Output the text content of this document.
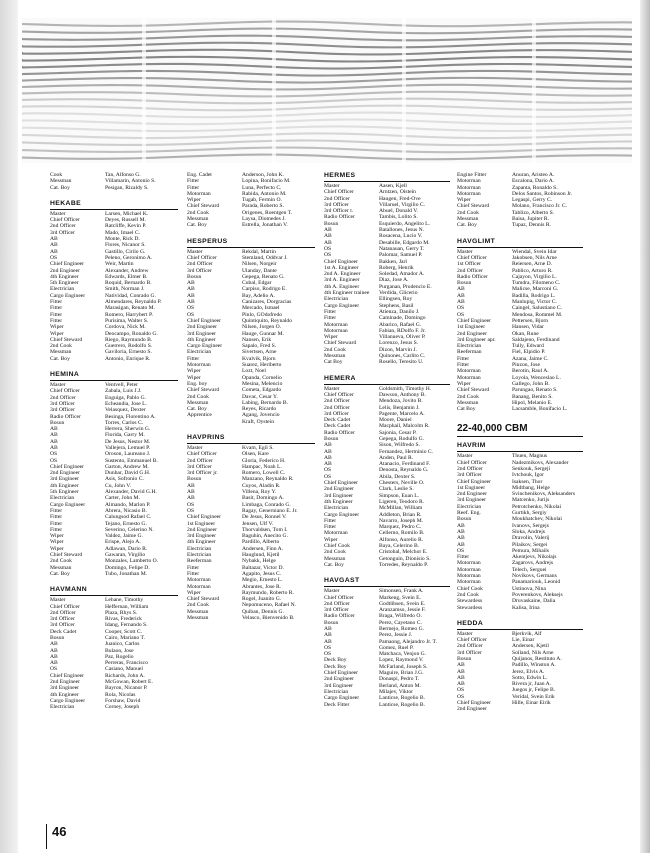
Cook	Tan, Alfonso G.
Messman	Villamarin, Antonio S.
Cat. Boy	Pesigan, Rizaldy S.
HEKABE
Master	Larsen, Michael K.
Chief Officer	Deyes, Russell M.
2nd Officer	Ratcliffe, Kevin P.
3rd Officer	Mado, Imael C.
AB	Monte, Rick D.
AB	Flores, Nicanor S.
AB	Gastillo, Cirilo G.
OS	Peleno, Geronimo A.
Chief Engineer	Weir, Martin
2nd Engineer	Alexander, Andrew
4th Engineer	Edwards, Elmer B.
5th Engineer	Roquid, Bernardo B.
Electrician	Smith, Norman J.
Cargo Engineer	Natividad, Conrado G.
Fitter	Almendares, Reynaldo P.
Fitter	Marasigan, Renato M.
Fitter	Romero, Harrybert P.
Fitter	Purisima, Walter S.
Wiper	Cordova, Nick M.
Wiper	Deocampo, Ronaldo G.
Chief Steward	Riego, Raymundo B.
2nd Cook	Guerrero, Rodolfo S.
Messman	Gaviloria, Ernesto S.
Cat. Boy	Antonio, Enrique R.
HEMINA
Master	Ventvell, Peter
Chief Officer	Zabala, Luis J.J.
2nd Officer	Enguiga, Pablo G.
3rd Officer	Echeandia, Jose L.
3rd Officer	Velasquez, Dexter
Radio Officer	Besinga, Florentino A.
Bosun	Torres, Carlos C.
AB	Herrera, Sherwin G.
AB	Florida, Garry M.
AB	De Jesus, Nestor M.
AB	Vallejera, Lemuel P.
OS	Oroson, Laureano J.
OS	Sustento, Emmanuel B.
Chief Engineer	Garton, Andrew M.
2nd Engineer	Dunbar, David G.H.
3rd Engineer	Asis, Sofronio C.
4th Engineer	Cu, John V.
5th Engineer	Alexander, David G.H.
Electrician	Carter, John M.
Cargo Engineer	Almando, Marlon P.
Fitter	Abrera, Nicasio B.
Fitter	Calungsod Rafael C.
Fitter	Tejano, Ernesto G.
Fitter	Severino, Celerino N.
Wiper	Valdez, Jaime G.
Wiper	Erispe, Alejo A.
Wiper	Adlawan, Dario R.
Chief Steward	Gawaran, Virgilio
2nd Cook	Monzales, Lamberto O.
Messman	Domingo, Felipe D.
Cat. Boy	Tubo, Jonathan M.
HAVMANN
Master	Lehane, Timothy
Chief Officer	Heffernan, William
2nd Officer	Plaza, Rhys S.
3rd Officer	Rivas, Frederick
3rd Officer	Idang, Fernando S.
Deck Cadet	Cooper, Scott C.
Bosun	Cairo, Mariano T.
AB	Juanico, Carlos
AB	Bulaon, Jose
AB	Paz, Rogelio
AB	Perreras, Francisco
OS	Casiano, Manuel
Chief Engineer	Richards, John A.
2nd Engineer	McGowan, Robert E.
3rd Engineer	Bayron, Nicanor P.
4th Engineer	Rola, Nicolas
Cargo Engineer	Forshaw, David
Electrician	Corney, Joseph
Eng. Cadet	Anderson, John K.
Fitter	Lopina, Bonifacio M.
Fitter	Luna, Perfecto C.
Motorman	Rabida, Antonio M.
Wiper	Tugab, Fermin O.
Chief Steward	Parada, Roberto S.
2nd Cook	Origenes, Roentgen T.
Messman	Laysa, Diomedes J.
Cat. Boy	Estrella, Jonathan V.
HESPERUS
Master	Rekdal, Martin
Chief Officer	Stemland, Oddvar J.
2nd Officer	Nilsen, Norgeir
3rd Officer	Ulanday, Dante
Bosun	Gepega, Renato G.
AB	Cubal, Edgar
AB	Carpiso, Rodrigo E.
AB	Bay, Adelio A.
AB	Canizares, Dorgracias
OS	Mercado, Ismael
OS	Pinlo, GOdofredo
Chief Engineer	Quintiquito, Reynaldo
2nd Engineer	Nilsen, Jorgen O.
3rd Engineer	Hauge, Gunnar M.
4th Engineer	Nansen, Erik
Cargo Engineer	Sapalo, Fred S.
Electrician	Sivertsen, Arne
Fitter	Kvalvik, Bjorn
Motorman	Suarez, Heriberto
Wiper	Lozt, Noel
Wiper	Opanda, Cornelio
Eng. boy	Mesina, Melencio
Chief Steward	Cometa, Edgardo
2nd Cook	Davac, Cesar Y.
Messman	Labing, Bernardo B.
Cat. Boy	Reyes, Ricardo
Apprentice	Agang, Jovencio
Kraft, Oystein
HAVPRINS
Master	Kvam, Egil S.
Chief Officer	Olsen, Kare
2nd Officer	Gloria, Federico H.
3rd Officer	Hampac, Noah L.
3rd Officer jr.	Romero, Lowell C.
Bosun	Manzano, Reynaldo R.
AB	Cuyos, Aladin R.
AB	Villena, Roy Y.
AB	Basit, Domingo A.
OS	Limbaga, Conrado G.
OS	Ragay, Generniano E. Jr.
Chief Engineer	De Jesus, Ronnel V.
1st Engineer	Jensen, Ulf V.
2nd Engineer	Thorvaldsen, Tom I.
3rd Engineer	Baguhin, Anecito G.
4th Engineer	Pardillo, Alberto
Electrician	Andersen, Finn A.
Electrician	Hauglund, Kjetil
Reeferman	Nybakk, Helge
Fitter	Baltazar, Victor D.
Fitter	Agapito, Jesus C.
Motorman	Megio, Ernesto L.
Motorman	Abrantes, Jose R.
Wiper	Raymundo, Roberto R.
Chief Steward	Rogel, Juanito G.
2nd Cook	Nepomuceno, Rafael N.
Messman	Quiban, Dennis G.
Messman	Velasco, Bienvenido B.
HERMES
Master	Aasen, Kjell
Chief Officer	Arntzen, Oistein
2nd Officer	Haugen, Fred-Ove
3rd Officer	Villaruel, Virgilio C.
3rd Officer t.	Abuel, Donald V.
Radio Officer	Tambis, Lolito S.
Bosun	Esquierdo, Angelito L.
AB	Batallones, Jesus N.
AB	Rosacena, Lucio V.
AB	Desabille, Edgardo M.
OS	Natanauan, Gerry T.
OS	Palomar, Samuel P.
Chief Engineer	Bakken, Jarl
1st A. Engineer	Roberg, Henrik
2nd A. Engineer	Soledad, Amador A.
3rd A. Engineer	Diaz, Jose A.
4th A. Engineer	Purganan, Prudencio E.
4th Engineer trainee	Verdida, Glicerio
Electrician	Ellingsen, Roy
Cargo Engineer	Stephens, Basil
Fitter	Atienza, Danilo J.
Fitter	Caminade, Domingo
Motorman	Abarico, Rafael G.
Motorman	Fabian, RDolfo F. Jr.
Wiper	Villanueva, Oliver P.
Chief Steward	Lorenzo, Jesus S.
2nd Cook	Dizon, Marvin J.
Messman	Quinones, Carlito C.
Cat Boy	Rosello, Teresito U.
HEMERA
Master	Goldsmith, Timothy H.
Chief Officer	Dawson, Anthony B.
2nd Officer	Mendoza, Jovito B.
2nd Officer	Lelis, Benjamin J.
3rd Officer	Pagente, Marcelo A.
Deck Cadet	Moore, Daniel
Deck Cadet	Macphail, Malcolm R.
Radio Officer	Sajonia, Cesar P.
Bosun	Gepega, Rodulfo G.
AB	Sison, Wilfredo S.
AB	Fernandez, Herminio C.
AB	Anden, Paul R.
AB	Atanacio, Ferdinand F.
OS	Denosta, Reynaldo G.
OS	Abila, Dexter S.
Chief Engineer	Chesters, Neville O.
2nd Engineer	Clark, Leslie S.
3rd Engineer	Simpson, Euan L.
4th Engineer	Ligeren, Teodoro R.
Electrician	McMillan, William
Cargo Engineer	Addleton, Brian R.
Fitter	Navarro, Joseph M.
Fitter	Marquez, Pedro C.
Motorman	Cellerno, Romilo B.
Wiper	Alfonso, Aurelio R.
Chief Cook	Baya, Celerino B.
2nd Cook	Cristobal, Melchor E.
Messman	Getonguin, Dionisio S.
Cat. Boy	Torredes, Reynaldo P.
HAVGAST
Master	Simonsen, Frank A.
Chief Officer	Markeng, Svein E.
2nd Officer	Godtlibsen, Svein E.
3rd Officer	Aranzamso, Jessie F.
Radio Officer	Braga, Wilfredo O.
Bosun	Perez, Cayetano C.
AB	Bermejo, Romeo G.
AB	Perez, Jessie J.
AB	Pamaong, Alejandro Jr. T.
OS	Gomez, Ruel P.
OS	Matchaca, Venjon G.
Deck Boy	Lopez, Raymond V.
Deck Boy	McFarland, Joseph S.
Chief Engineer	Maguire, Brian J.G.
2nd Engineer	Donaspi, Pedro T.
3rd Engineer	Berland, Anton M.
Electrician	Milajev, Viktor
Cargo Engineer	Lanticse, Rogelio B.
Deck Fitter	Lanticse, Rogelio B.
Engine Fitter	Anuran, Aristeo A.
Motorman	Escalona, Dario A.
Motorman	Zapanta, Ronaldo S.
Motorman	Delos Santos, Robinson Jr.
Wiper	Legaspi, Gerry C.
Chief Steward	Molano, Francisco Jr. C.
2nd Cook	Tablizo, Alberto S.
Messman	Baisa, Jupiter R.
Cat. Boy	Tupaz, Dennis R.
HAVGLIMT
Master	Wiendal, Svein Idar
Chief Officer	Jakobsen, Nils Arne
1st Officer	Reiersen, Arne D.
2nd Officer	Pablico, Arturo R.
Radio Officer	Cajayon, Virgilio L.
Bosun	Tumdra, Filomeno C.
AB	Malicse, Marconi G.
AB	Badilla, Rodrigo L.
AB	Manlupig, Victor C.
OS	Caingel, Salustiano C.
OS	Mendosa, Rommel M.
Chief Engineer	Pettersen, Bjorn
1st Engineer	Hansen, Vidar
2nd Engineer	Okan, Rune
3rd Engineer apr.	Saldajeno, Ferdinand
Electrician	Tully, Edward
Reeferman	Fiel, Elpidio P.
Fitter	Azana, Jaime C.
Fitter	Pinzon, Jose
Motorman	Berotin, Raul A.
Motorman	Loyola, Wenceslao L.
Wiper	Gallego, John B.
Chief Steward	Parungao, Renato S.
2nd Cook	Banang, Benito S.
Messman	Hipol, Melanio E.
Cat Boy	Lacsamble, Bonifacio L.
22-40,000 CBM
HAVRIM
Master	Thuen, Magnus
Chief Officer	Nadezmikovs, Alexander
2nd Officer	Senkouk, Sergeji
3rd Officer	Ivtchouk, Igor
Chief Engineer	Isaksen, Thor
1st Engineer	Midtbang, Helge
2nd Engineer	Svinchenikovs, Aleksanders
3rd Engineer	Matcenko, Jurijs
Electrician	Petrotchenko, Nikolai
Reef. Eng.	Gurtikh, Sergiy
Bosun	Moukhatchev, Nikolai
AB	Ivanovs, Sergejs
AB	Sloka, Andrejs
AB	Dravolin, Valerij
AB	Pilaikov, Sergei
OS	Pemura, Mihails
Fitter	Akentjevs, Nikolajs
Motorman	Zagarovs, Andrejs
Motorman	Telech, Serguei
Motorman	Novikovs, Germans
Motorman	Panamariouk, Leonid
Chief Cook	Ustinova, Nina
2nd Cook	Poverenkovs, Aleksejs
Stewardess	Druvaskaine, Dalia
Stewardess	Kalisa, Irina
HEDDA
Master	Bjerkvik, Alf
Chief Officer	Lie, Einar
2nd Officer	Andersen, Kjetil
3rd Officer	Solland, Nils Arne
Bosun	Quijanos, Restituto A.
AB	Padillo, Winston A.
AB	Jerez, Elvis A.
AB	Sotto, Edwin L.
AB	Rivera jr, Juan A.
OS	Juegos jr, Felipe B.
OS	Veridal, Svein Erik
Chief Engineer	Hille, Einar Eirik
2nd Engineer
46
